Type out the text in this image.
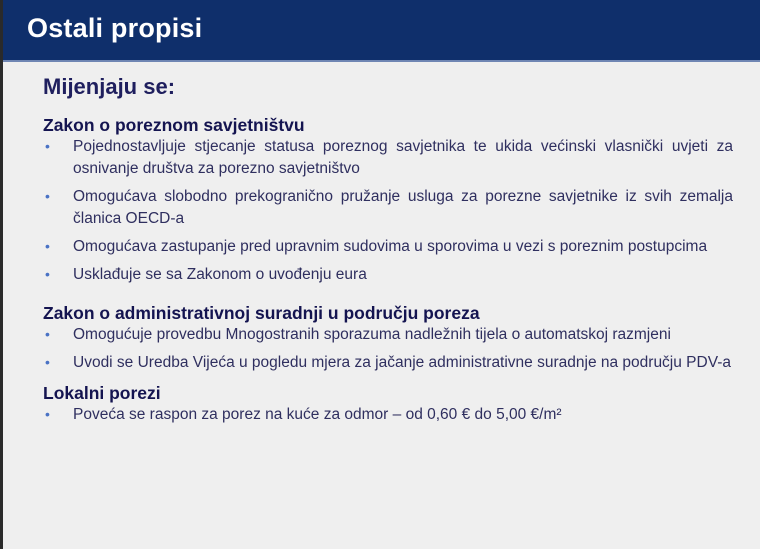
Ostali propisi
Mijenjaju se:
Zakon o poreznom savjetništvu
• Pojednostavljuje stjecanje statusa poreznog savjetnika te ukida većinski vlasnički uvjeti za osnivanje društva za porezno savjetništvo
• Omogućava slobodno prekogranično pružanje usluga za porezne savjetnike iz svih zemalja članica OECD-a
• Omogućava zastupanje pred upravnim sudovima u sporovima u vezi s poreznim postupcima
• Usklađuje se sa Zakonom o uvođenju eura
Zakon o administrativnoj suradnji u području poreza
• Omogućuje provedbu Mnogostranih sporazuma nadležnih tijela o automatskoj razmjeni
• Uvodi se Uredba Vijeća u pogledu mjera za jačanje administrativne suradnje na području PDV-a
Lokalni porezi
• Poveća se raspon za porez na kuće za odmor – od 0,60 € do 5,00 €/m²
